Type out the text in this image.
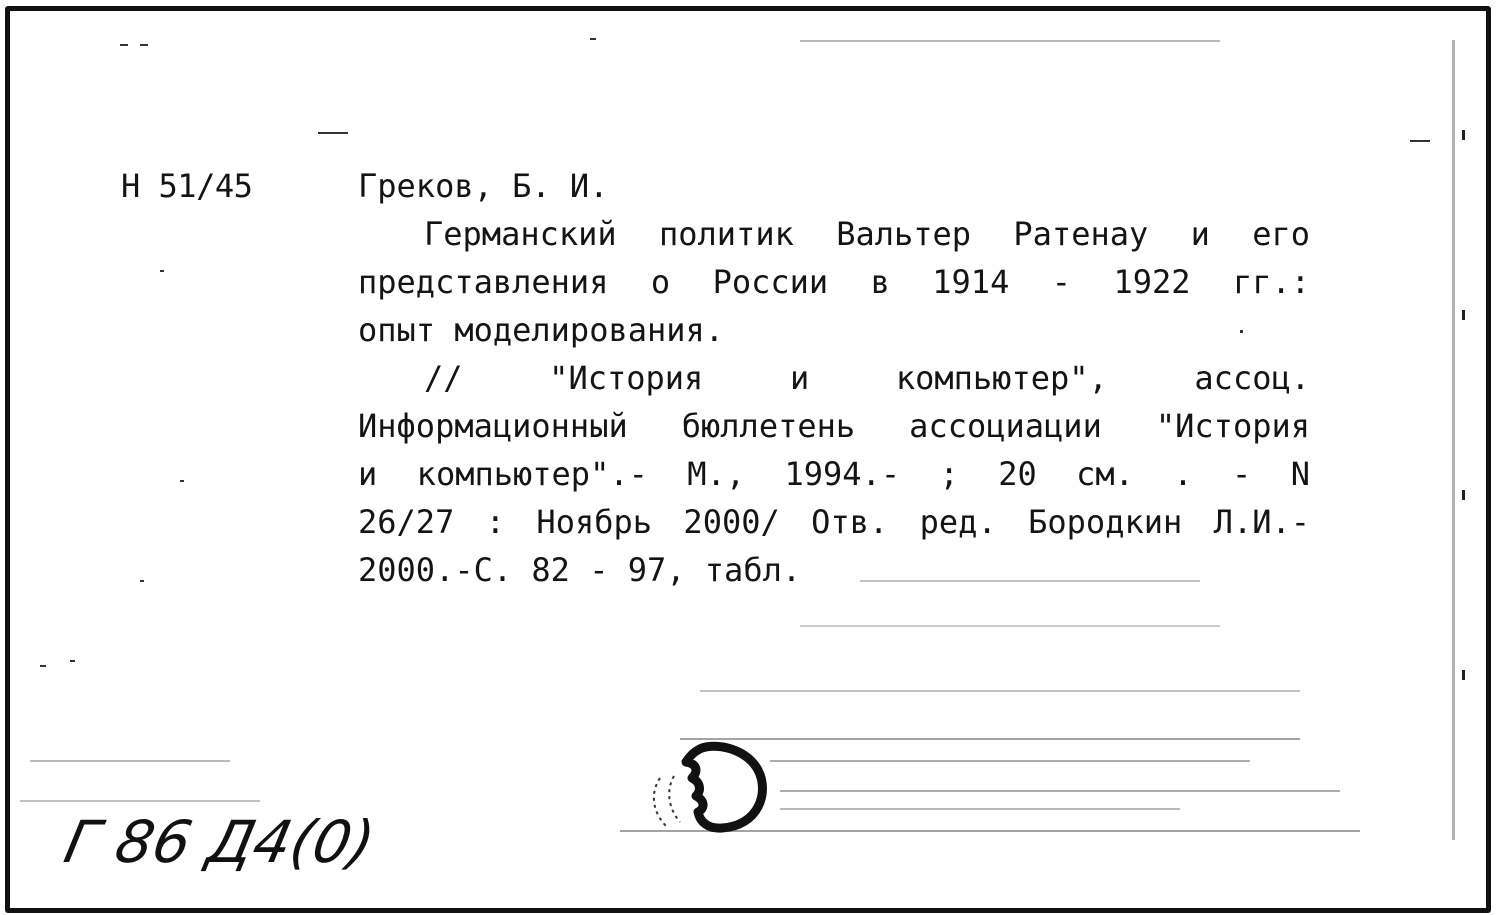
Н 51/45	Греков, Б. И.
Германский политик Вальтер Ратенау и его
представления о России в 1914 - 1922 гг.:
опыт моделирования.
// "История и компьютер", ассоц.
Информационный бюллетень ассоциации "История
и компьютер".- М., 1994.- ; 20 см. . - N
26/27 : Ноябрь 2000/ Отв. ред. Бородкин Л.И.-
2000.-С. 82 - 97, табл.
Г 86 Д4(0)
